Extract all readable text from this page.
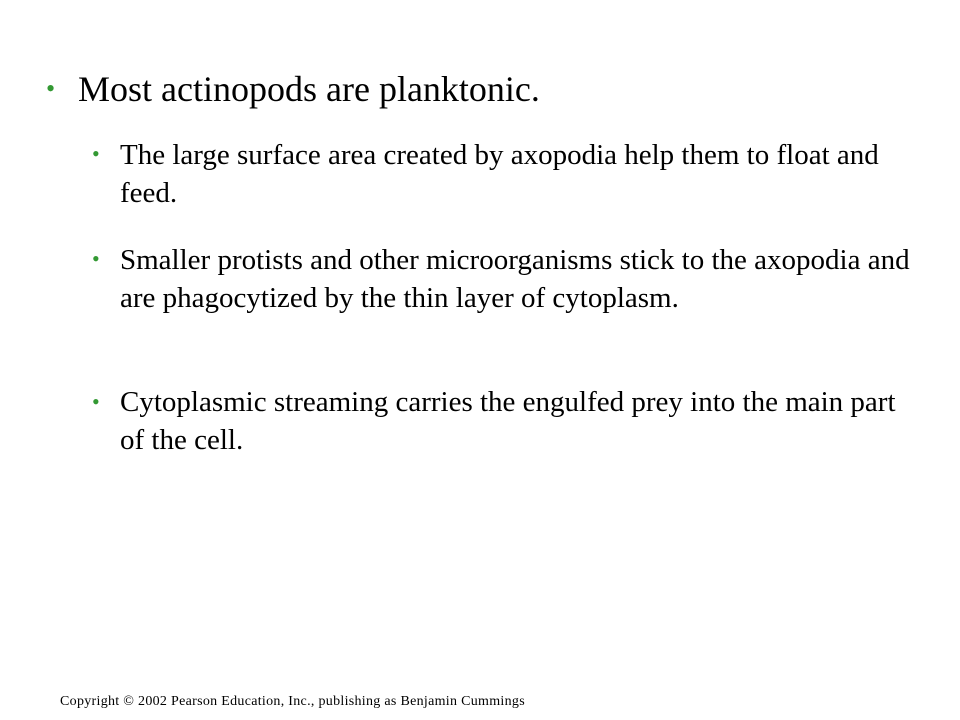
• Most actinopods are planktonic.
• The large surface area created by axopodia help them to float and feed.
• Smaller protists and other microorganisms stick to the axopodia and are phagocytized by the thin layer of cytoplasm.
• Cytoplasmic streaming carries the engulfed prey into the main part of the cell.
Copyright © 2002 Pearson Education, Inc., publishing as Benjamin Cummings
